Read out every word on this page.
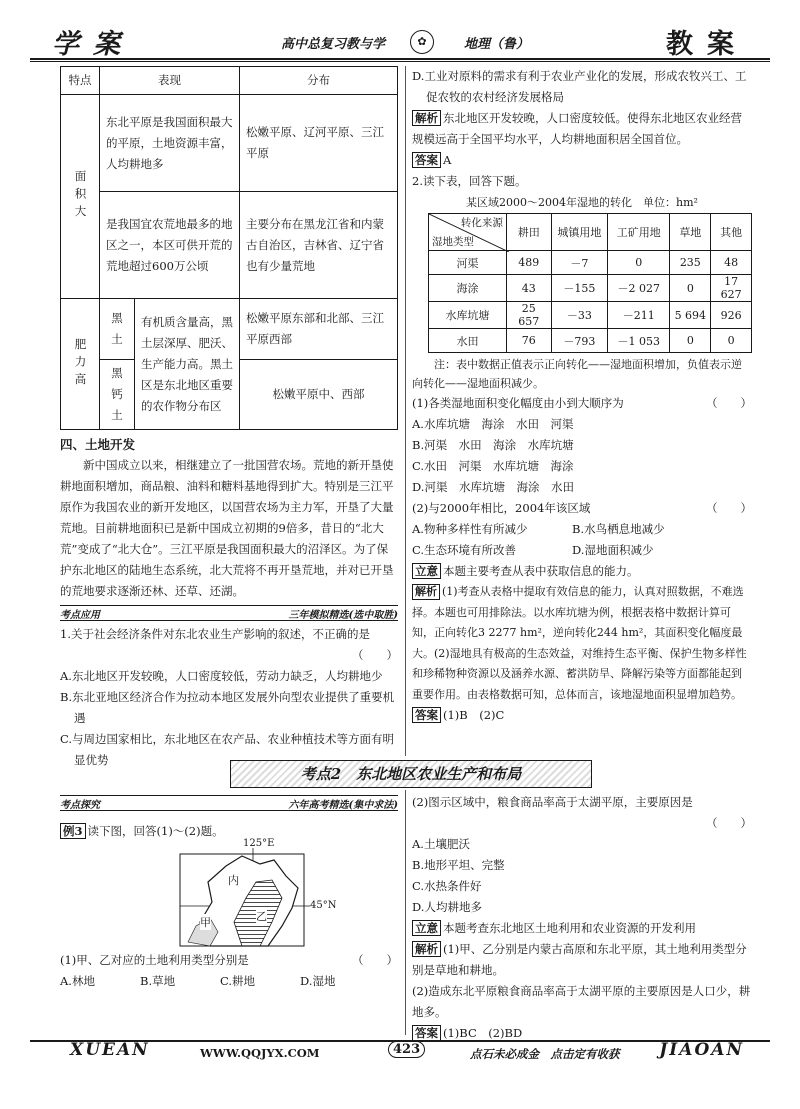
学案	高中总复习教与学	地理（鲁）
✿	教案
特点	表现		分布
面积大	东北平原是我国面积最大的平原，土地资源丰富，人均耕地多		松嫩平原、辽河平原、三江平原
	是我国宜农荒地最多的地区之一，本区可供开荒的荒地超过600万公顷		主要分布在黑龙江省和内蒙古自治区，吉林省、辽宁省也有少量荒地
肥力高	黑土	有机质含量高，黑土层深厚、肥沃、生产能力高。黑土区是东北地区重要的农作物分布区	松嫩平原东部和北部、三江平原西部
	黑钙土		松嫩平原中、西部

四、土地开发

新中国成立以来，相继建立了一批国营农场。荒地的新开垦使耕地面积增加，商品粮、油料和糖料基地得到扩大。特别是三江平原作为我国农业的新开发地区，以国营农场为主力军，开垦了大量荒地。目前耕地面积已是新中国成立初期的9倍多，昔日的“北大荒”变成了“北大仓”。三江平原是我国面积最大的沼泽区。为了保护东北地区的陆地生态系统，北大荒将不再开垦荒地，并对已开垦的荒地要求逐渐还林、还草、还湖。

考点应用	三年模拟精选(选中取胜)

1.关于社会经济条件对东北农业生产影响的叙述，不正确的是

（　　）

A.东北地区开发较晚，人口密度较低，劳动力缺乏，人均耕地少

B.东北亚地区经济合作为拉动本地区发展外向型农业提供了重要机遇

C.与周边国家相比，东北地区在农产品、农业种植技术等方面有明显优势

D.工业对原料的需求有利于农业产业化的发展，形成农牧兴工、工促农牧的农村经济发展格局

解析 东北地区开发较晚，人口密度较低。使得东北地区农业经营规模远高于全国平均水平，人均耕地面积居全国首位。

答案 A

2.读下表，回答下题。

某区域2000～2004年湿地的转化　单位：hm²

转化来源
湿地类型	耕田	城镇用地	工矿用地	草地	其他
河渠	489	－7	0	235	48
海涂	43	－155	－2 027	0	17 627
水库坑塘	25 657	－33	－211	5 694	926
水田	76	－793	－1 053	0	0

注：表中数据正值表示正向转化——湿地面积增加，负值表示逆向转化——湿地面积减少。

(1)各类湿地面积变化幅度由小到大顺序为	（　　）

A.水库坑塘　海涂　水田　河渠

B.河渠　水田　海涂　水库坑塘

C.水田　河渠　水库坑塘　海涂

D.河渠　水库坑塘　海涂　水田

(2)与2000年相比，2004年该区域	（　　）

A.物种多样性有所减少	B.水鸟栖息地减少

C.生态环境有所改善	D.湿地面积减少

立意 本题主要考查从表中获取信息的能力。

解析 (1)考查从表格中提取有效信息的能力，认真对照数据，不难选择。本题也可用排除法。以水库坑塘为例，根据表格中数据计算可知，正向转化3 2277 hm²，逆向转化244 hm²，其面积变化幅度最大。(2)湿地具有极高的生态效益，对维持生态平衡、保护生物多样性和珍稀物种资源以及涵养水源、蓄洪防旱、降解污染等方面都能起到重要作用。由表格数据可知，总体而言，该地湿地面积显增加趋势。

答案 (1)B　(2)C

考点2　东北地区农业生产和布局
考点探究	六年高考精选(集中求法)

例3 读下图，回答(1)～(2)题。

125°E
45°N
内
甲	乙

(1)甲、乙对应的土地利用类型分别是	（　　）

A.林地	B.草地	C.耕地	D.湿地

(2)图示区域中，粮食商品率高于太湖平原，主要原因是

（　　）

A.土壤肥沃

B.地形平坦、完整

C.水热条件好

D.人均耕地多

立意 本题考查东北地区土地利用和农业资源的开发利用

解析 (1)甲、乙分别是内蒙古高原和东北平原，其土地利用类型分别是草地和耕地。

(2)造成东北平原粮食商品率高于太湖平原的主要原因是人口少，耕地多。

答案 (1)BC　(2)BD

XUEAN	WWW.QQJYX.COM	423	点石未必成金　点击定有收获 JIAOAN
